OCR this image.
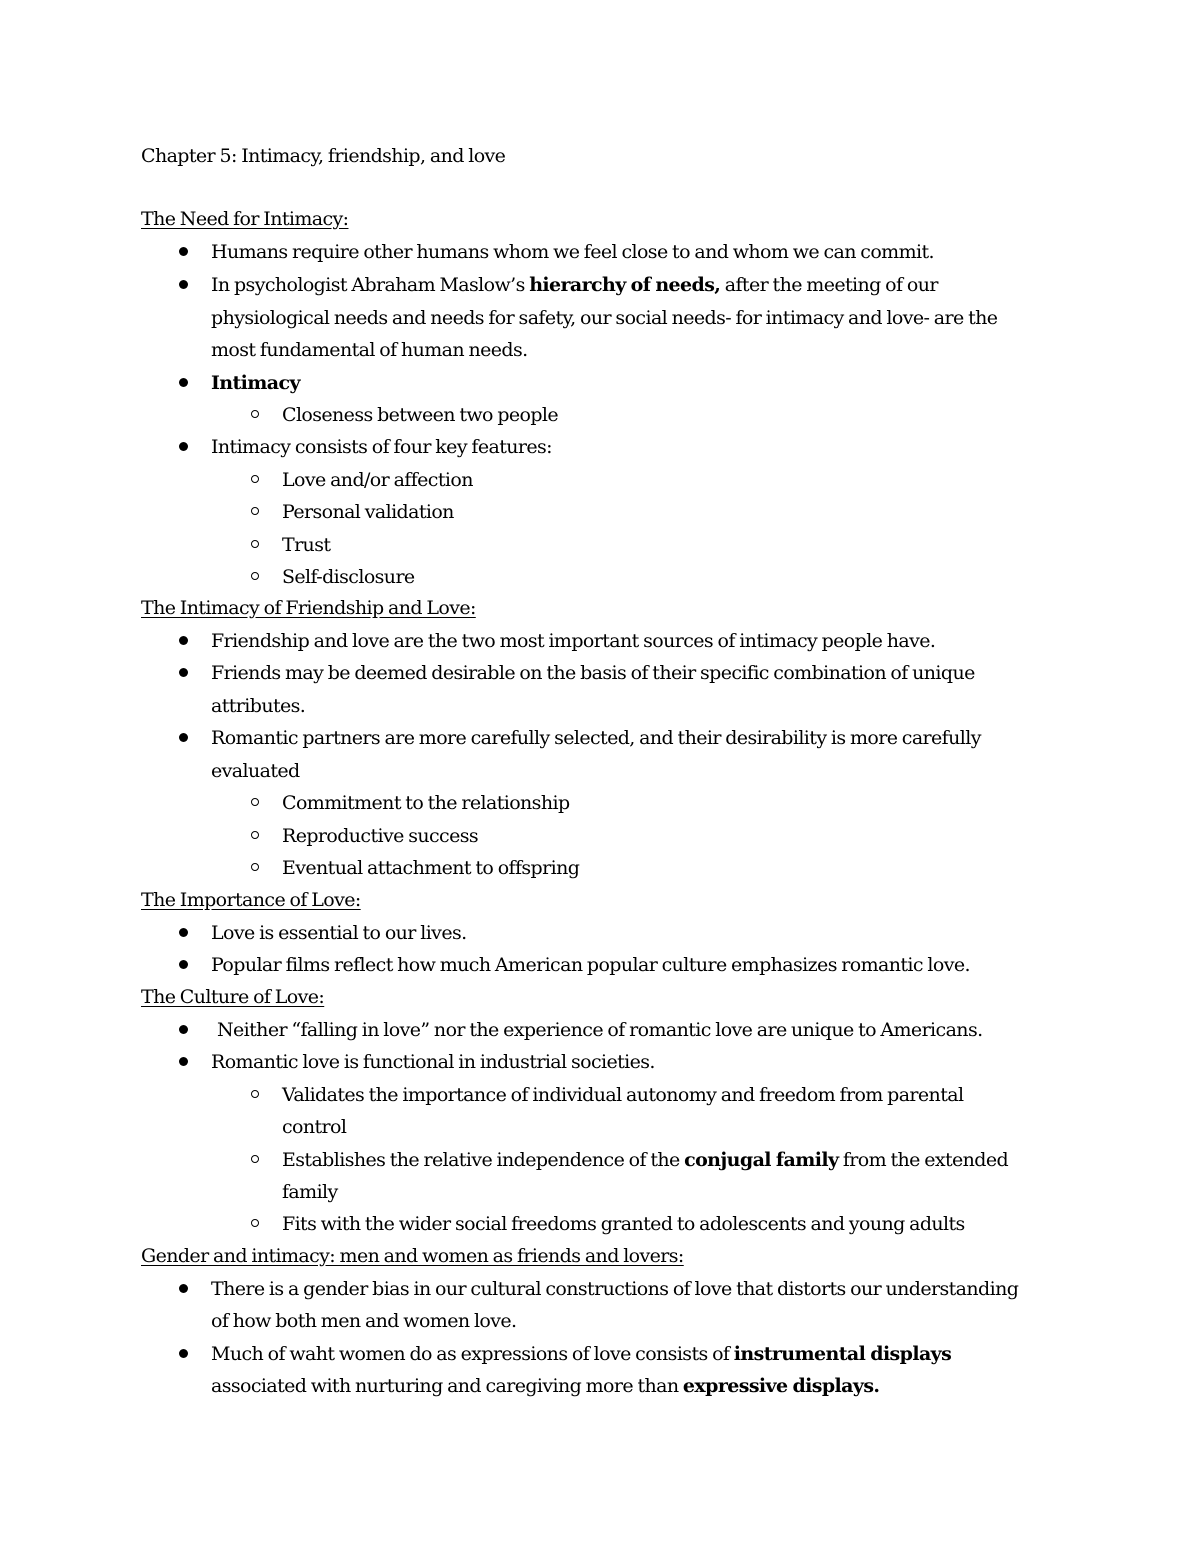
Chapter 5: Intimacy, friendship, and love

The Need for Intimacy:

Humans require other humans whom we feel close to and whom we can commit.

In psychologist Abraham Maslow’s hierarchy of needs, after the meeting of our

physiological needs and needs for safety, our social needs- for intimacy and love- are the

most fundamental of human needs.

Intimacy

Closeness between two people

Intimacy consists of four key features:

Love and/or affection

Personal validation

Trust

Self-disclosure

The Intimacy of Friendship and Love:

Friendship and love are the two most important sources of intimacy people have.

Friends may be deemed desirable on the basis of their specific combination of unique

attributes.

Romantic partners are more carefully selected, and their desirability is more carefully

evaluated

Commitment to the relationship

Reproductive success

Eventual attachment to offspring

The Importance of Love:

Love is essential to our lives.

Popular films reflect how much American popular culture emphasizes romantic love.

The Culture of Love:

Neither “falling in love” nor the experience of romantic love are unique to Americans.

Romantic love is functional in industrial societies.

Validates the importance of individual autonomy and freedom from parental

control

Establishes the relative independence of the conjugal family from the extended

family

Fits with the wider social freedoms granted to adolescents and young adults

Gender and intimacy: men and women as friends and lovers:

There is a gender bias in our cultural constructions of love that distorts our understanding

of how both men and women love.

Much of waht women do as expressions of love consists of instrumental displays

associated with nurturing and caregiving more than expressive displays.
